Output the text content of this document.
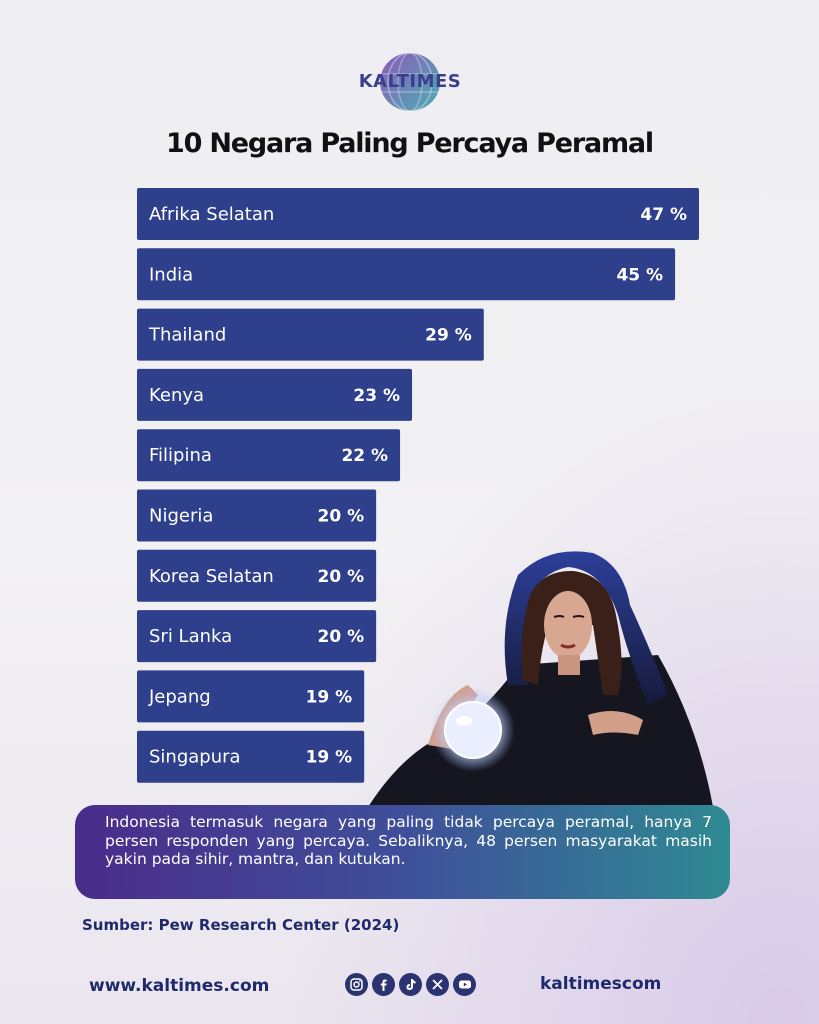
KALTIMES
10 Negara Paling Percaya Peramal
Afrika Selatan	47 %
India	45 %
Thailand	29 %
Kenya	23 %
Filipina	22 %
Nigeria	20 %
Korea Selatan	20 %
Sri Lanka	20 %
Jepang	19 %
Singapura	19 %

Indonesia termasuk negara yang paling tidak percaya peramal, hanya 7 persen responden yang percaya. Sebaliknya, 48 persen masyarakat masih yakin pada sihir, mantra, dan kutukan.

Sumber: Pew Research Center (2024)
www.kaltimes.com	kaltimescom
